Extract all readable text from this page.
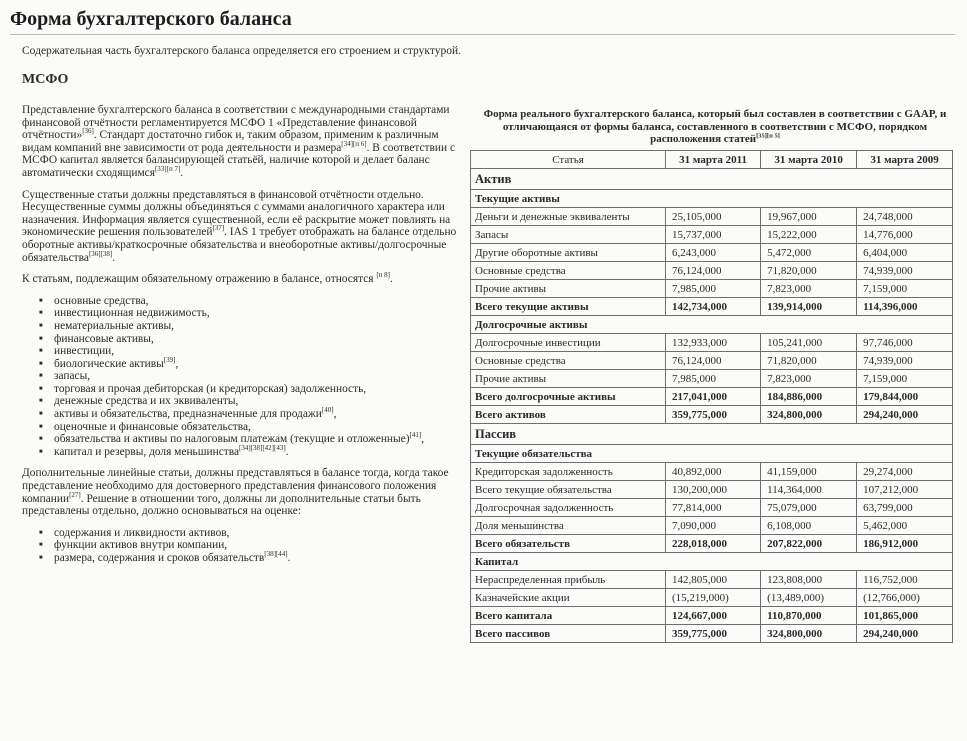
Форма бухгалтерского баланса
Содержательная часть бухгалтерского баланса определяется его строением и структурой.
МСФО

Представление бухгалтерского баланса в соответствии с международными стандартами финансовой отчётности регламентируется МСФО 1 «Представление финансовой отчётности»[36]. Стандарт достаточно гибок и, таким образом, применим к различным видам компаний вне зависимости от рода деятельности и размера[34][п 6]. В соответствии с МСФО капитал является балансирующей статьёй, наличие которой и делает баланс автоматически сходящимся[33][п 7].

Существенные статьи должны представляться в финансовой отчётности отдельно. Несущественные суммы должны объединяться с суммами аналогичного характера или назначения. Информация является существенной, если её раскрытие может повлиять на экономические решения пользователей[37]. IAS 1 требует отображать на балансе отдельно оборотные активы/краткосрочные обязательства и внеоборотные активы/долгосрочные обязательства[36][38].

К статьям, подлежащим обязательному отражению в балансе, относятся [п 8].

■ основные средства,
■ инвестиционная недвижимость,
■ нематериальные активы,
■ финансовые активы,
■ инвестиции,
■ биологические активы[39],
■ запасы,
■ торговая и прочая дебиторская (и кредиторская) задолженность,
■ денежные средства и их эквиваленты,
■ активы и обязательства, предназначенные для продажи[40],
■ оценочные и финансовые обязательства,
■ обязательства и активы по налоговым платежам (текущие и отложенные)[41],
■ капитал и резервы, доля меньшинства[34][38][42][43].

Дополнительные линейные статьи, должны представляться в балансе тогда, когда такое представление необходимо для достоверного представления финансового положения компании[27]. Решение в отношении того, должны ли дополнительные статьи быть представлены отдельно, должно основываться на оценке:

■ содержания и ликвидности активов,
■ функции активов внутри компании,
■ размера, содержания и сроков обязательств[38][44].
Форма реального бухгалтерского баланса, который был составлен в соответствии с GAAP, и отличающаяся от формы баланса, составленного в соответствии с МСФО, порядком расположения статей[35][п 5]
Статья	31 марта 2011	31 марта 2010	31 марта 2009
Актив			
Текущие активы			
Деньги и денежные эквиваленты	25,105,000	19,967,000	24,748,000
Запасы	15,737,000	15,222,000	14,776,000
Другие оборотные активы	6,243,000	5,472,000	6,404,000
Основные средства	76,124,000	71,820,000	74,939,000
Прочие активы	7,985,000	7,823,000	7,159,000
Всего текущие активы	142,734,000	139,914,000	114,396,000
Долгосрочные активы			
Долгосрочные инвестиции	132,933,000	105,241,000	97,746,000
Основные средства	76,124,000	71,820,000	74,939,000
Прочие активы	7,985,000	7,823,000	7,159,000
Всего долгосрочные активы	217,041,000	184,886,000	179,844,000
Всего активов	359,775,000	324,800,000	294,240,000
Пассив			
Текущие обязательства			
Кредиторская задолженность	40,892,000	41,159,000	29,274,000
Всего текущие обязательства	130,200,000	114,364,000	107,212,000
Долгосрочная задолженность	77,814,000	75,079,000	63,799,000
Доля меньшинства	7,090,000	6,108,000	5,462,000
Всего обязательств	228,018,000	207,822,000	186,912,000
Капитал			
Нераспределенная прибыль	142,805,000	123,808,000	116,752,000
Казначейские акции	(15,219,000)	(13,489,000)	(12,766,000)
Всего капитала	124,667,000	110,870,000	101,865,000
Всего пассивов	359,775,000	324,800,000	294,240,000
